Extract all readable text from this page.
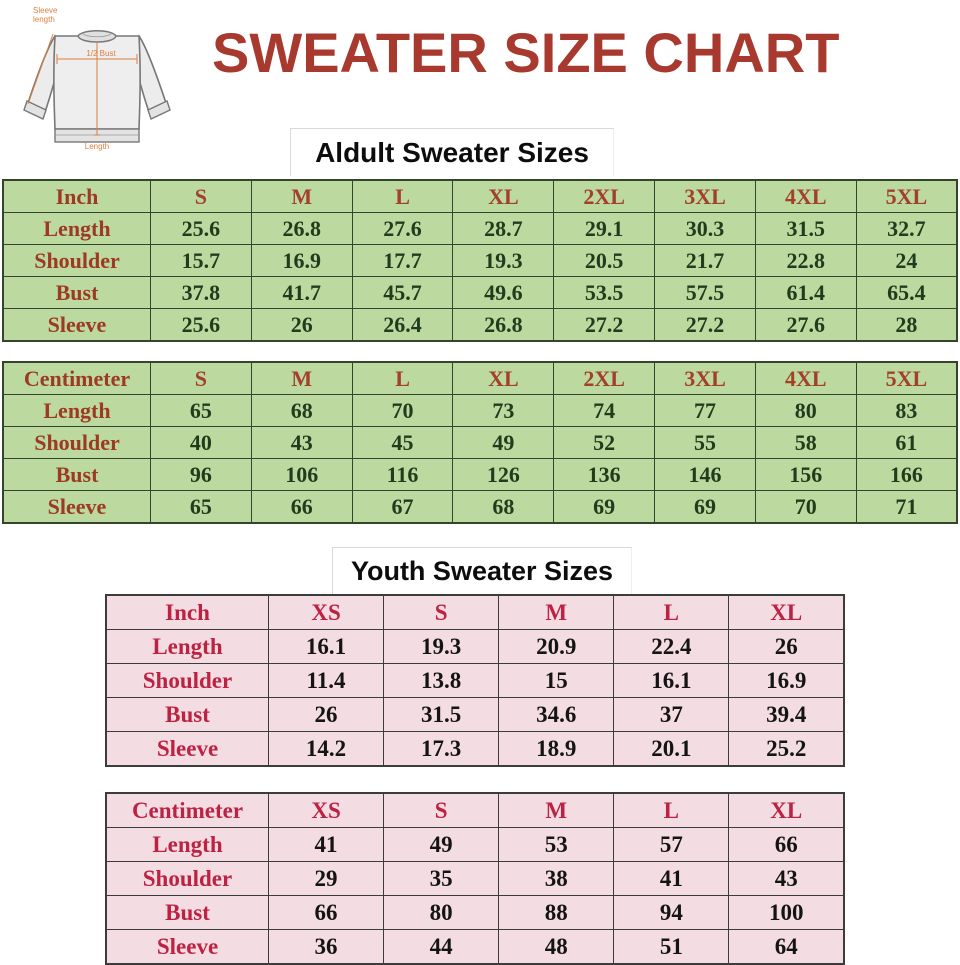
Sleeve
length
1/2 Bust
Length
SWEATER SIZE CHART
Aldult Sweater Sizes
Inch	S	M	L	XL	2XL	3XL	4XL	5XL
Length	25.6	26.8	27.6	28.7	29.1	30.3	31.5	32.7
Shoulder	15.7	16.9	17.7	19.3	20.5	21.7	22.8	24
Bust	37.8	41.7	45.7	49.6	53.5	57.5	61.4	65.4
Sleeve	25.6	26	26.4	26.8	27.2	27.2	27.6	28
Centimeter	S	M	L	XL	2XL	3XL	4XL	5XL
Length	65	68	70	73	74	77	80	83
Shoulder	40	43	45	49	52	55	58	61
Bust	96	106	116	126	136	146	156	166
Sleeve	65	66	67	68	69	69	70	71
Youth Sweater Sizes
Inch	XS	S	M	L	XL
Length	16.1	19.3	20.9	22.4	26
Shoulder	11.4	13.8	15	16.1	16.9
Bust	26	31.5	34.6	37	39.4
Sleeve	14.2	17.3	18.9	20.1	25.2
Centimeter	XS	S	M	L	XL
Length	41	49	53	57	66
Shoulder	29	35	38	41	43
Bust	66	80	88	94	100
Sleeve	36	44	48	51	64
